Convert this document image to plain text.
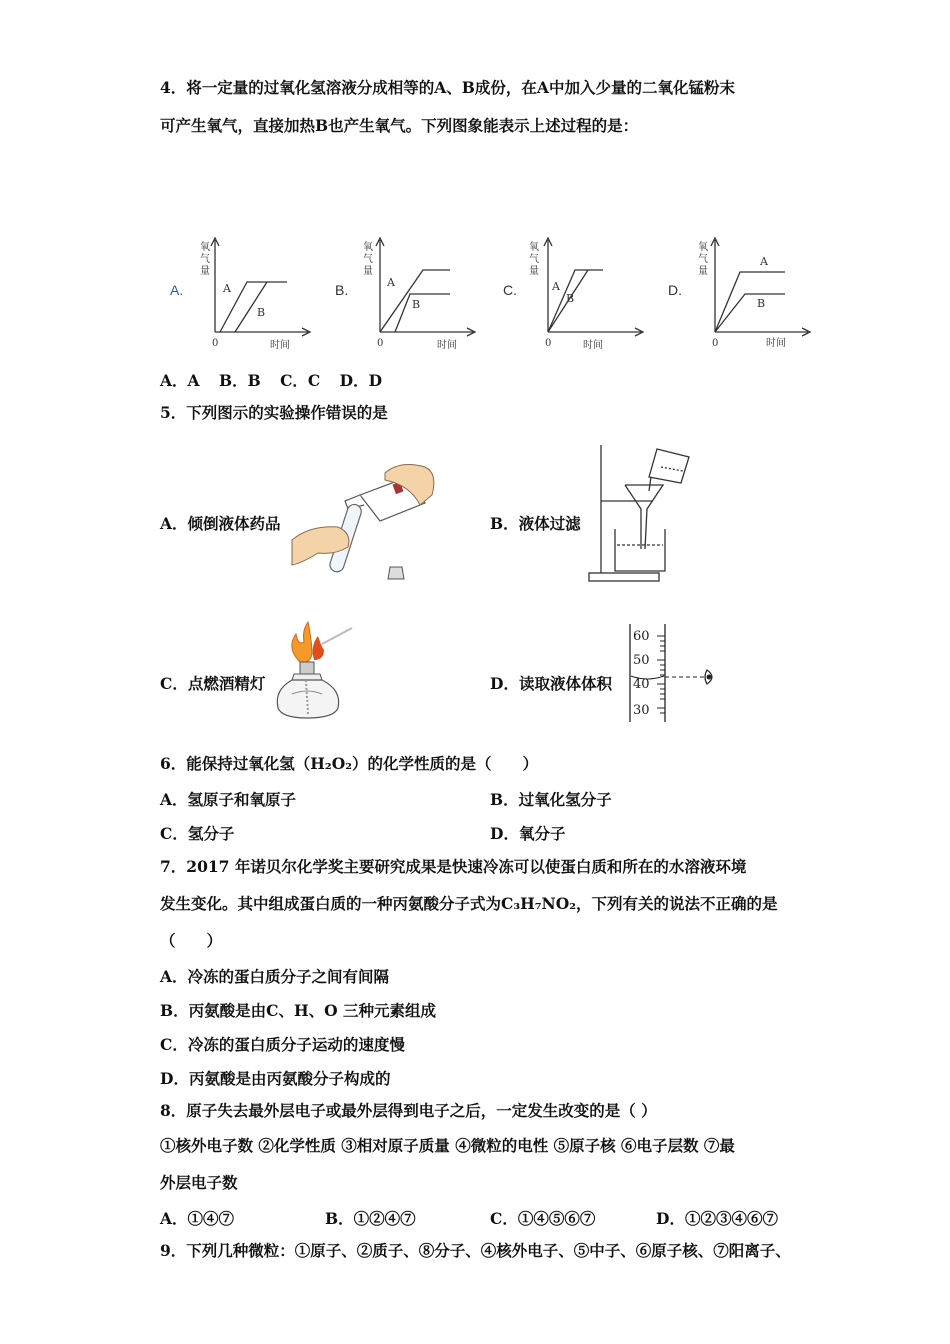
4．将一定量的过氧化氢溶液分成相等的A、B成份，在A中加入少量的二氧化锰粉末
可产生氧气，直接加热B也产生氧气。下列图象能表示上述过程的是：
A.
氧
气
量
0	时间
A
B
B.
氧
气
量
0	时间
A
B
C.
氧
气
量
0	时间
A
B
D.
氧
气
量
0	时间
A
B
A．A B．B C．C D．D
5．下列图示的实验操作错误的是
A．倾倒液体药品	B．液体过滤
C．点燃酒精灯	D．读取液体体积
60
50
40
30
6．能保持过氧化氢（H₂O₂）的化学性质的是（　　）
A．氢原子和氧原子	B．过氧化氢分子
C．氢分子	D．氧分子
7．2017 年诺贝尔化学奖主要研究成果是快速冷冻可以使蛋白质和所在的水溶液环境
发生变化。其中组成蛋白质的一种丙氨酸分子式为C₃H₇NO₂，下列有关的说法不正确的是
（　　）
A．冷冻的蛋白质分子之间有间隔
B．丙氨酸是由C、H、O 三种元素组成
C．冷冻的蛋白质分子运动的速度慢
D．丙氨酸是由丙氨酸分子构成的
8．原子失去最外层电子或最外层得到电子之后，一定发生改变的是（ ）
①核外电子数 ②化学性质 ③相对原子质量 ④微粒的电性 ⑤原子核 ⑥电子层数 ⑦最
外层电子数
A．①④⑦	B．①②④⑦	C．①④⑤⑥⑦	D．①②③④⑥⑦
9．下列几种微粒：①原子、②质子、⑧分子、④核外电子、⑤中子、⑥原子核、⑦阳离子、
